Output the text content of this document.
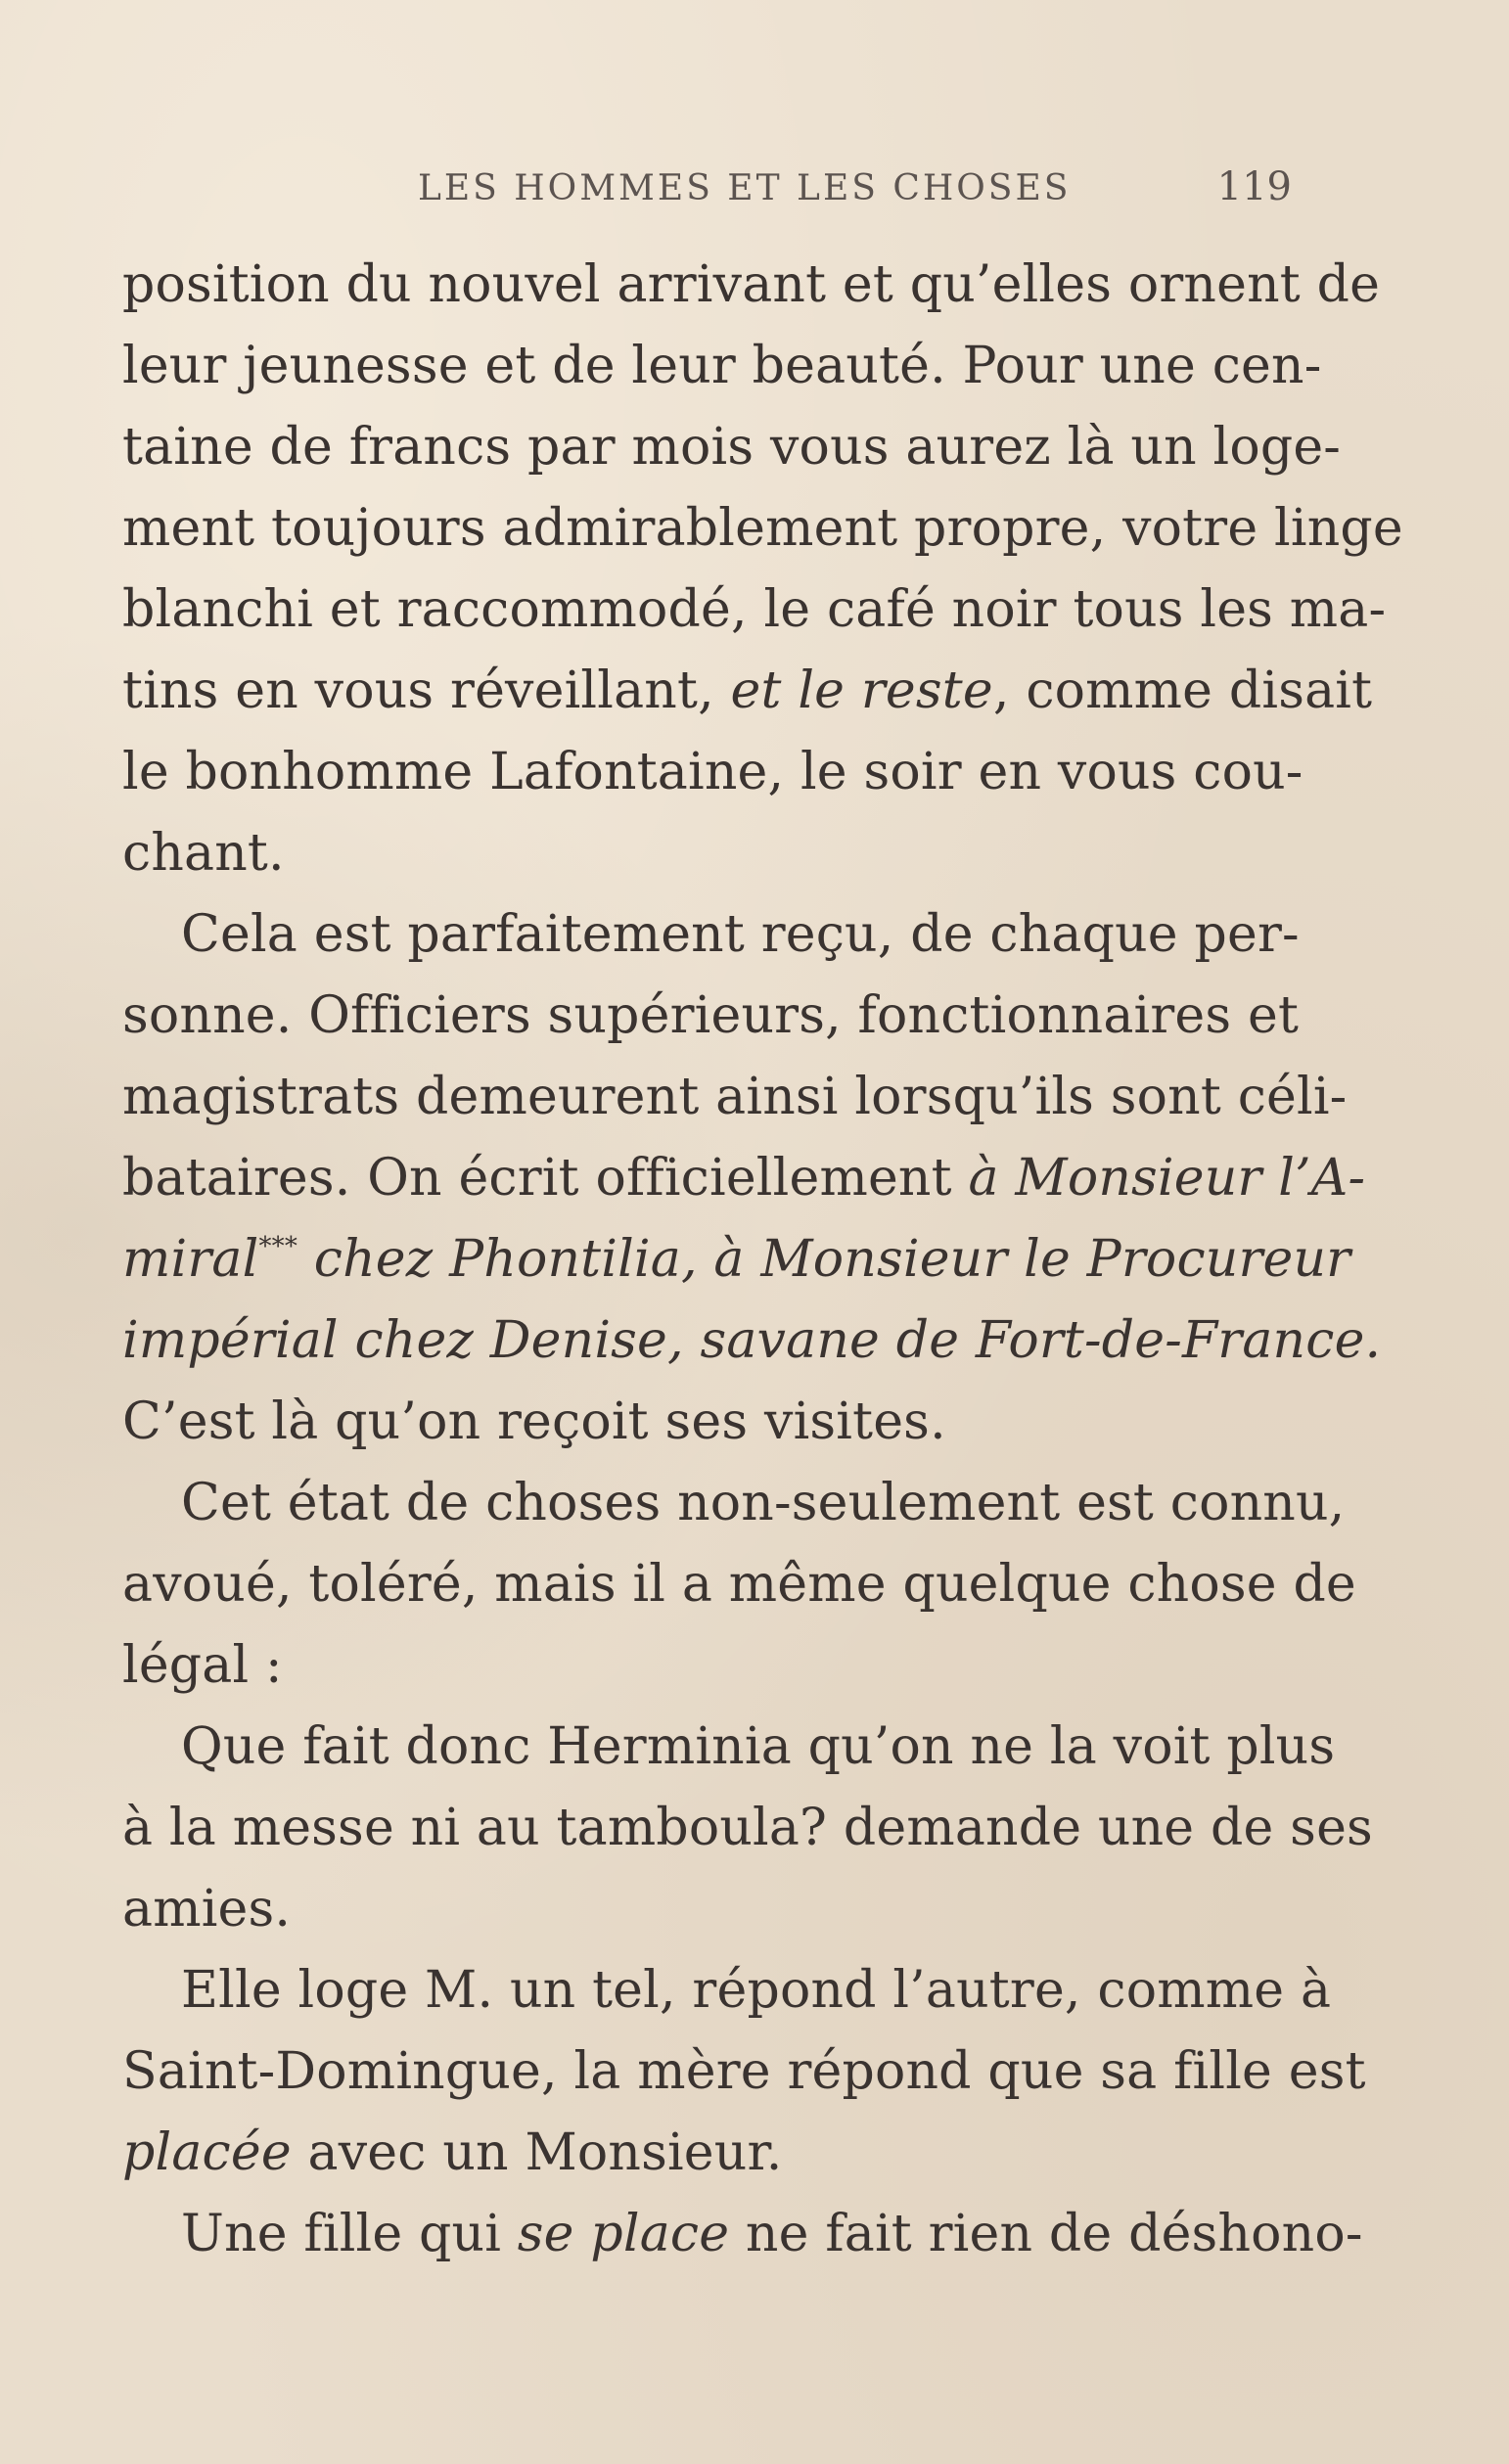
LES HOMMES ET LES CHOSES	119
position du nouvel arrivant et qu’elles ornent de
leur jeunesse et de leur beauté. Pour une cen-
taine de francs par mois vous aurez là un loge-
ment toujours admirablement propre, votre linge
blanchi et raccommodé, le café noir tous les ma-
tins en vous réveillant, et le reste, comme disait
le bonhomme Lafontaine, le soir en vous cou-
chant.
Cela est parfaitement reçu, de chaque per-
sonne. Officiers supérieurs, fonctionnaires et
magistrats demeurent ainsi lorsqu’ils sont céli-
bataires. On écrit officiellement à Monsieur l’A-
miral*** chez Phontilia, à Monsieur le Procureur
impérial chez Denise, savane de Fort-de-France.
C’est là qu’on reçoit ses visites.
Cet état de choses non-seulement est connu,
avoué, toléré, mais il a même quelque chose de
légal :
Que fait donc Herminia qu’on ne la voit plus
à la messe ni au tamboula? demande une de ses
amies.
Elle loge M. un tel, répond l’autre, comme à
Saint-Domingue, la mère répond que sa fille est
placée avec un Monsieur.
Une fille qui se place ne fait rien de déshono-
